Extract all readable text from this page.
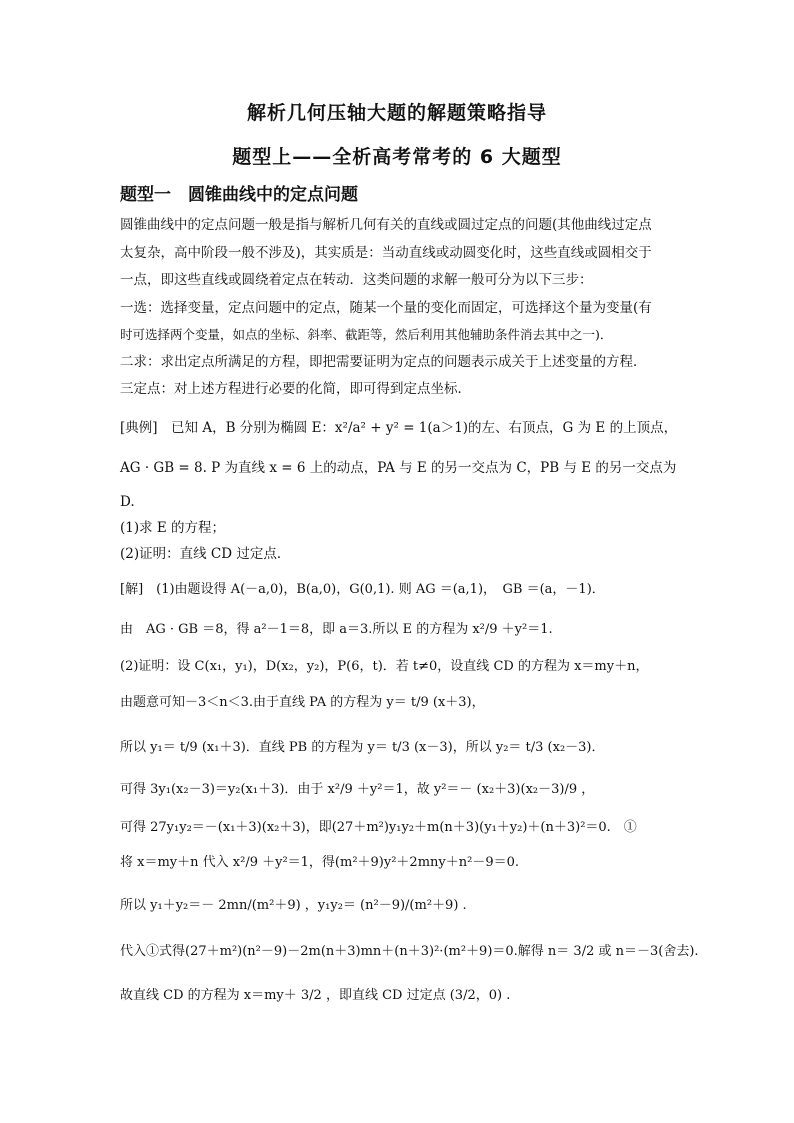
解析几何压轴大题的解题策略指导
题型上——全析高考常考的 6 大题型
题型一　圆锥曲线中的定点问题
圆锥曲线中的定点问题一般是指与解析几何有关的直线或圆过定点的问题(其他曲线过定点
太复杂，高中阶段一般不涉及)，其实质是：当动直线或动圆变化时，这些直线或圆相交于
一点，即这些直线或圆绕着定点在转动．这类问题的求解一般可分为以下三步：
一选：选择变量，定点问题中的定点，随某一个量的变化而固定，可选择这个量为变量(有
时可选择两个变量，如点的坐标、斜率、截距等，然后利用其他辅助条件消去其中之一)．
二求：求出定点所满足的方程，即把需要证明为定点的问题表示成关于上述变量的方程．
三定点：对上述方程进行必要的化简，即可得到定点坐标．
[典例]　已知 A，B 分别为椭圆 E：x²/a² + y² = 1(a＞1)的左、右顶点，G 为 E 的上顶点，
AG · GB = 8. P 为直线 x = 6 上的动点，PA 与 E 的另一交点为 C，PB 与 E 的另一交点为
D.
(1)求 E 的方程；
(2)证明：直线 CD 过定点．
[解]　(1)由题设得 A(－a,0)，B(a,0)，G(0,1). 则 AG ＝(a,1)，　GB ＝(a，－1)．
由　AG · GB ＝8，得 a²－1＝8，即 a＝3.所以 E 的方程为 x²/9 ＋y²＝1.
(2)证明：设 C(x₁，y₁)，D(x₂，y₂)，P(6，t)．若 t≠0，设直线 CD 的方程为 x＝my＋n，
由题意可知－3＜n＜3.由于直线 PA 的方程为 y＝ t/9 (x＋3)，
所以 y₁＝ t/9 (x₁＋3)．直线 PB 的方程为 y＝ t/3 (x－3)，所以 y₂＝ t/3 (x₂－3)．
可得 3y₁(x₂－3)＝y₂(x₁＋3)．由于 x²/9 ＋y²＝1，故 y²＝－ (x₂＋3)(x₂－3)/9 ，
可得 27y₁y₂＝－(x₁＋3)(x₂＋3)，即(27＋m²)y₁y₂＋m(n＋3)(y₁＋y₂)＋(n＋3)²＝0.　①
将 x＝my＋n 代入 x²/9 ＋y²＝1，得(m²＋9)y²＋2mny＋n²－9＝0.
所以 y₁＋y₂＝－ 2mn/(m²＋9) ，y₁y₂＝ (n²－9)/(m²＋9) .
代入①式得(27＋m²)(n²－9)－2m(n＋3)mn＋(n＋3)²·(m²＋9)＝0.解得 n＝ 3/2 或 n＝－3(舍去).
故直线 CD 的方程为 x＝my＋ 3/2 ，即直线 CD 过定点 (3/2，0) .
